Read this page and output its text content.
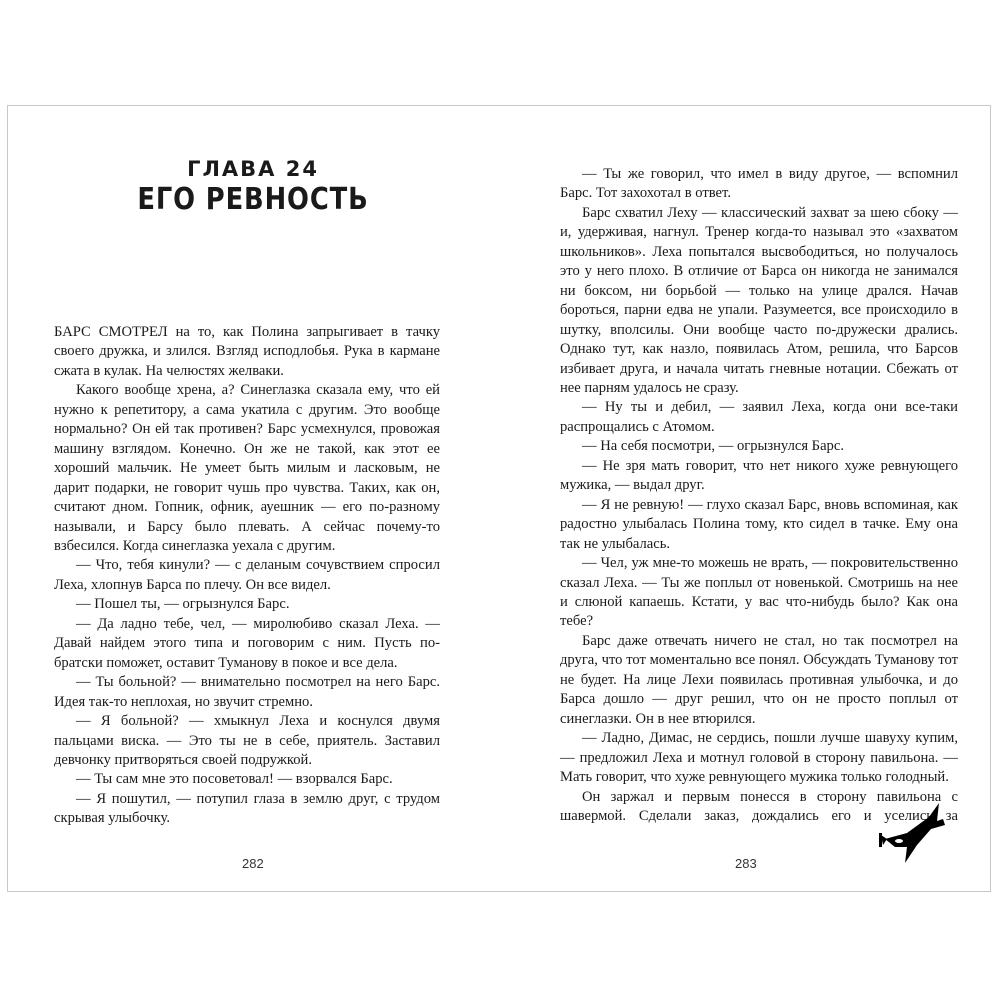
ГЛАВА 24
ЕГО РЕВНОСТЬ

БАРС СМОТРЕЛ на то, как Полина запрыгивает в тачку своего дружка, и злился. Взгляд исподлобья. Рука в кармане сжата в кулак. На челюстях желваки.

Какого вообще хрена, а? Синеглазка сказала ему, что ей нужно к репетитору, а сама укатила с другим. Это вообще нормально? Он ей так противен? Барс усмехнулся, провожая машину взглядом. Конечно. Он же не такой, как этот ее хороший мальчик. Не умеет быть милым и ласковым, не дарит подарки, не говорит чушь про чувства. Таких, как он, считают дном. Гопник, офник, ауешник — его по-разному называли, и Барсу было плевать. А сейчас почему-то взбесился. Когда синеглазка уехала с другим.

— Что, тебя кинули? — с деланым сочувствием спросил Леха, хлопнув Барса по плечу. Он все видел.

— Пошел ты, — огрызнулся Барс.

— Да ладно тебе, чел, — миролюбиво сказал Леха. — Давай найдем этого типа и поговорим с ним. Пусть по-братски поможет, оставит Туманову в покое и все дела.

— Ты больной? — внимательно посмотрел на него Барс. Идея так-то неплохая, но звучит стремно.

— Я больной? — хмыкнул Леха и коснулся двумя пальцами виска. — Это ты не в себе, приятель. Заставил девчонку притворяться своей подружкой.

— Ты сам мне это посоветовал! — взорвался Барс.

— Я пошутил, — потупил глаза в землю друг, с трудом скрывая улыбочку.

282

— Ты же говорил, что имел в виду другое, — вспомнил Барс. Тот захохотал в ответ.

Барс схватил Леху — классический захват за шею сбоку — и, удерживая, нагнул. Тренер когда-то называл это «захватом школьников». Леха попытался высвободиться, но получалось это у него плохо. В отличие от Барса он никогда не занимался ни боксом, ни борьбой — только на улице дрался. Начав бороться, парни едва не упали. Разумеется, все происходило в шутку, вполсилы. Они вообще часто по-дружески дрались. Однако тут, как назло, появилась Атом, решила, что Барсов избивает друга, и начала читать гневные нотации. Сбежать от нее парням удалось не сразу.

— Ну ты и дебил, — заявил Леха, когда они все-таки распрощались с Атомом.

— На себя посмотри, — огрызнулся Барс.

— Не зря мать говорит, что нет никого хуже ревнующего мужика, — выдал друг.

— Я не ревную! — глухо сказал Барс, вновь вспоминая, как радостно улыбалась Полина тому, кто сидел в тачке. Ему она так не улыбалась.

— Чел, уж мне-то можешь не врать, — покровительственно сказал Леха. — Ты же поплыл от новенькой. Смотришь на нее и слюной капаешь. Кстати, у вас что-нибудь было? Как она тебе?

Барс даже отвечать ничего не стал, но так посмотрел на друга, что тот моментально все понял. Обсуждать Туманову тот не будет. На лице Лехи появилась противная улыбочка, и до Барса дошло — друг решил, что он не просто поплыл от синеглазки. Он в нее втюрился.

— Ладно, Димас, не сердись, пошли лучше шавуху купим, — предложил Леха и мотнул головой в сторону павильона. — Мать говорит, что хуже ревнующего мужика только голодный.

Он заржал и первым понесся в сторону павильона с шавермой. Сделали заказ, дождались его и уселись за

283
